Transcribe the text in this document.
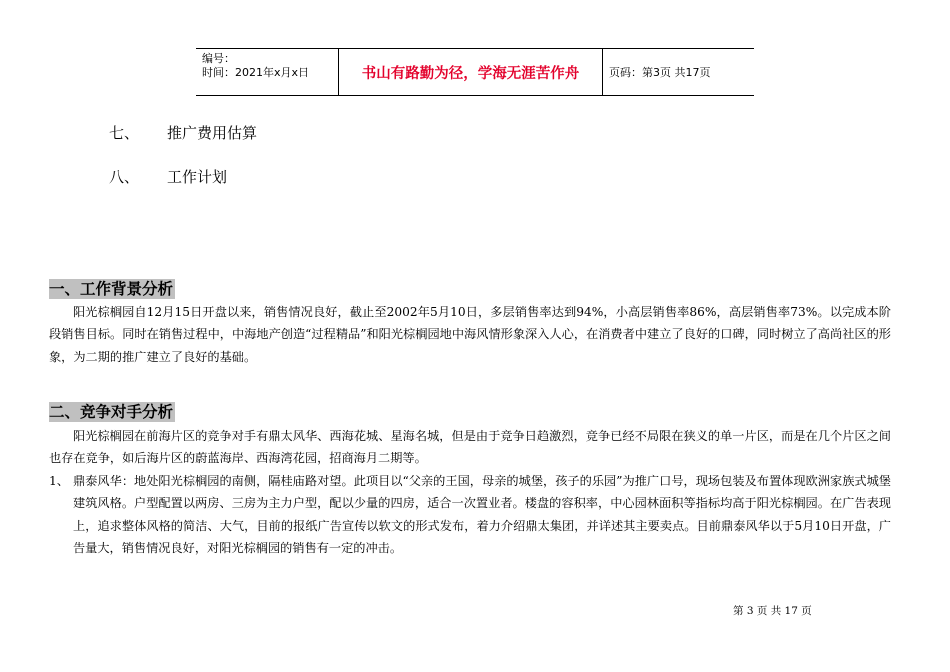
编号：
时间：2021年x月x日	书山有路勤为径，学海无涯苦作舟	页码：第3页 共17页
七、 推广费用估算
八、 工作计划
一、工作背景分析
阳光棕榈园自12月15日开盘以来，销售情况良好，截止至2002年5月10日，多层销售率达到94%，小高层销售率86%，高层销售率73%。以完成本阶段销售目标。同时在销售过程中，中海地产创造“过程精品”和阳光棕榈园地中海风情形象深入人心，在消费者中建立了良好的口碑，同时树立了高尚社区的形象，为二期的推广建立了良好的基础。
二、竞争对手分析
阳光棕榈园在前海片区的竞争对手有鼎太风华、西海花城、星海名城，但是由于竞争日趋激烈，竞争已经不局限在狭义的单一片区，而是在几个片区之间也存在竞争，如后海片区的蔚蓝海岸、西海湾花园，招商海月二期等。
1、 鼎泰风华：地处阳光棕榈园的南侧，隔桂庙路对望。此项目以“父亲的王国，母亲的城堡，孩子的乐园”为推广口号，现场包装及布置体现欧洲家族式城堡建筑风格。户型配置以两房、三房为主力户型，配以少量的四房，适合一次置业者。楼盘的容积率，中心园林面积等指标均高于阳光棕榈园。在广告表现上，追求整体风格的简洁、大气，目前的报纸广告宣传以软文的形式发布，着力介绍鼎太集团，并详述其主要卖点。目前鼎泰风华以于5月10日开盘，广告量大，销售情况良好，对阳光棕榈园的销售有一定的冲击。
第 3 页 共 17 页
